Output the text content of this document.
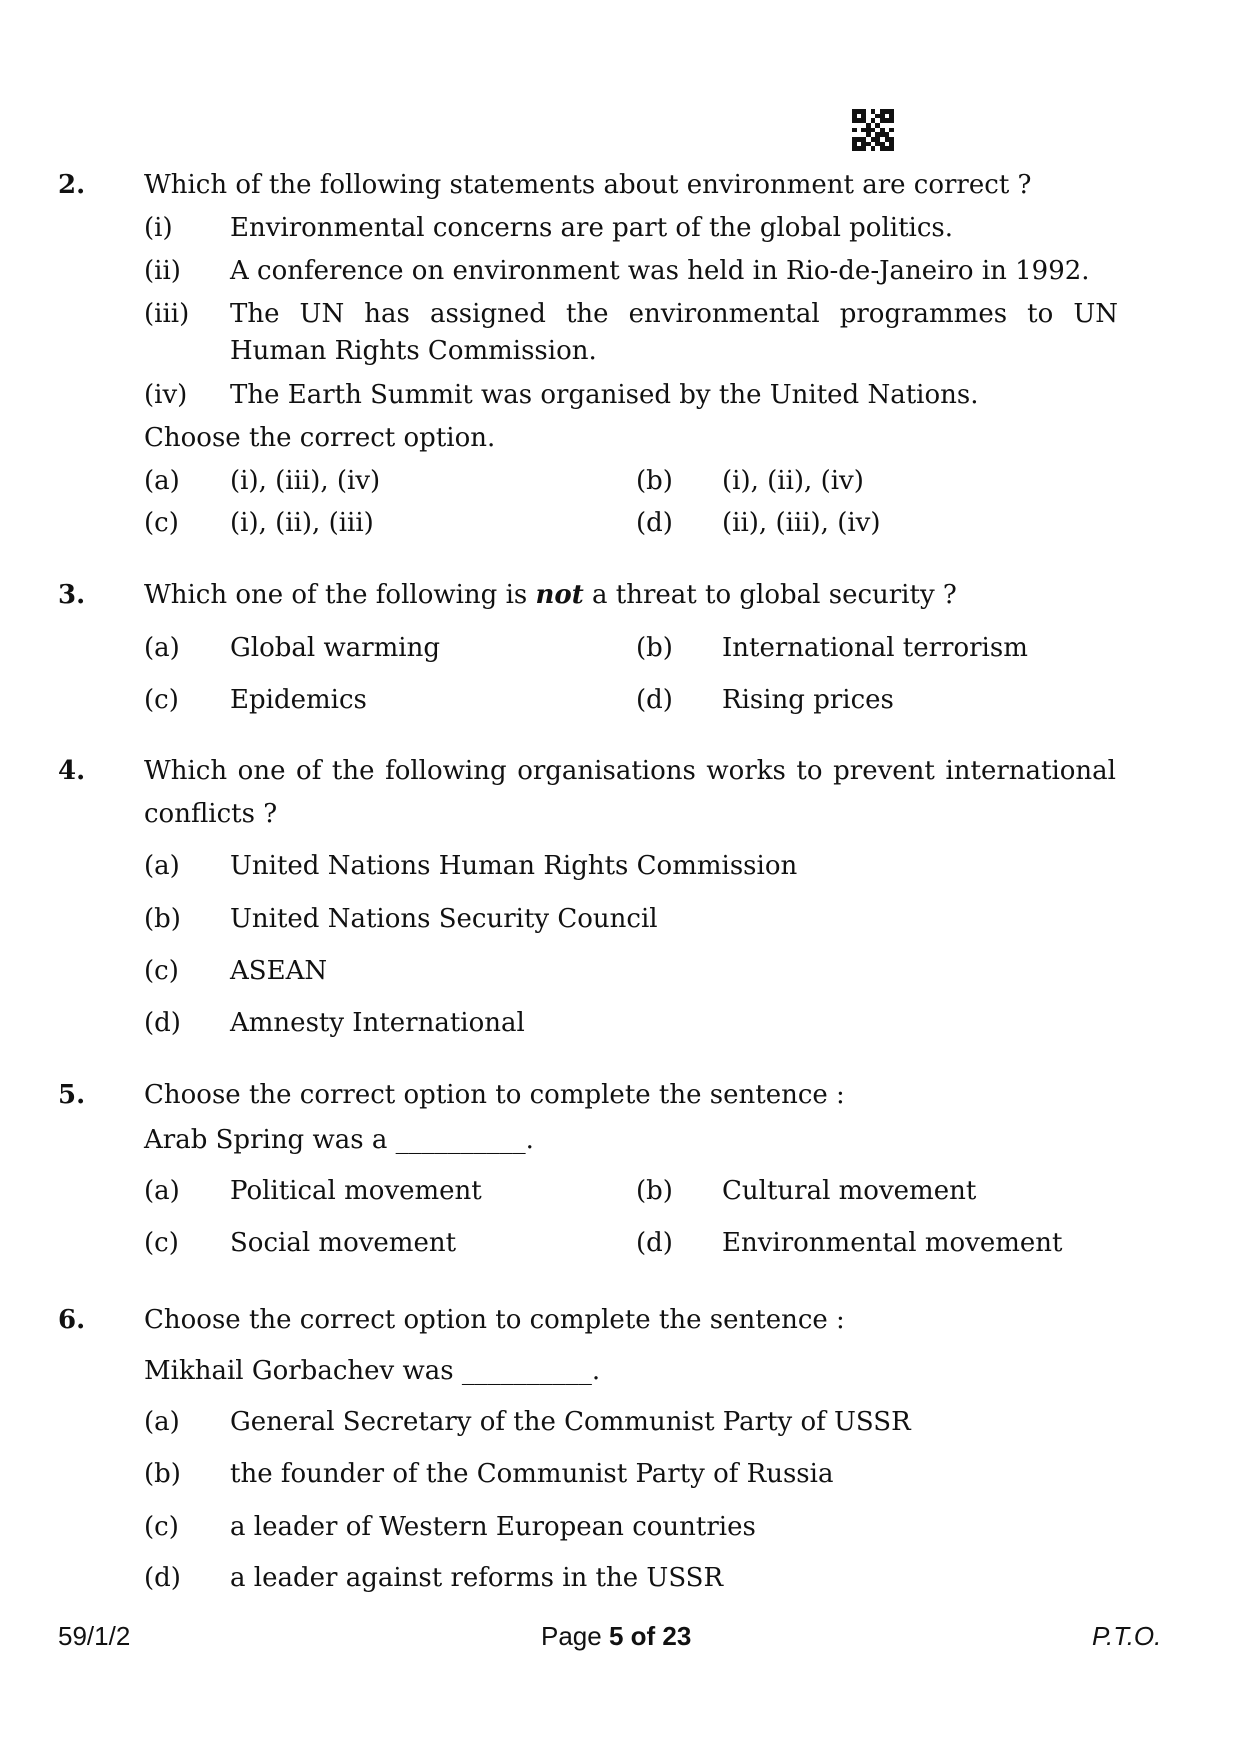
2. Which of the following statements about environment are correct ?
(i) Environmental concerns are part of the global politics.
(ii) A conference on environment was held in Rio-de-Janeiro in 1992.
(iii) The UN has assigned the environmental programmes to UN
Human Rights Commission.
(iv) The Earth Summit was organised by the United Nations.
Choose the correct option.
(a) (i), (iii), (iv)	(b) (i), (ii), (iv)
(c) (i), (ii), (iii)	(d) (ii), (iii), (iv)
3. Which one of the following is not a threat to global security ?
(a) Global warming	(b) International terrorism
(c) Epidemics	(d) Rising prices
4. Which one of the following organisations works to prevent international
conflicts ?
(a) United Nations Human Rights Commission
(b) United Nations Security Council
(c) ASEAN
(d) Amnesty International
5. Choose the correct option to complete the sentence :
Arab Spring was a __________.
(a) Political movement	(b) Cultural movement
(c) Social movement	(d) Environmental movement
6. Choose the correct option to complete the sentence :
Mikhail Gorbachev was __________.
(a) General Secretary of the Communist Party of USSR
(b) the founder of the Communist Party of Russia
(c) a leader of Western European countries
(d) a leader against reforms in the USSR
59/1/2	Page 5 of 23	P.T.O.
